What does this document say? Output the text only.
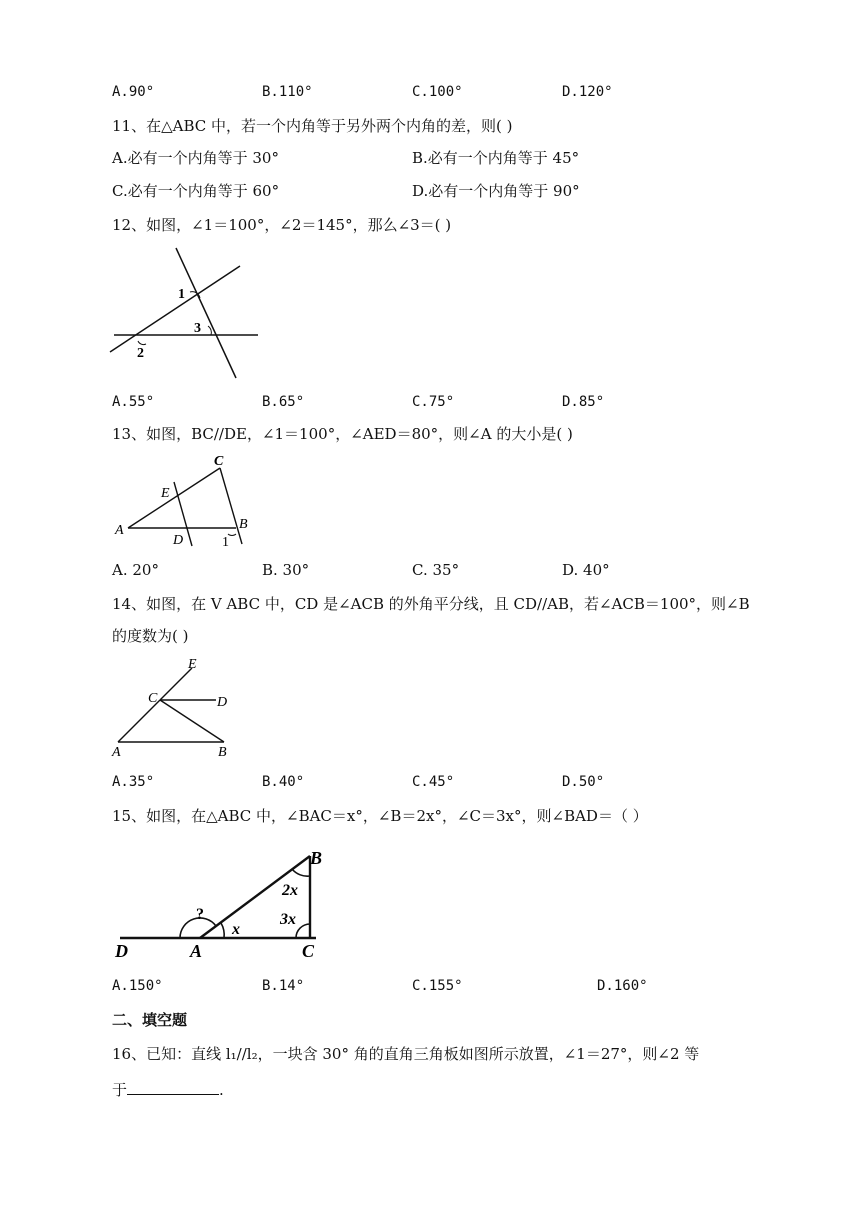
A.90°	B.110°	C.100°	D.120°
11、在△ABC 中，若一个内角等于另外两个内角的差，则( )
A.必有一个内角等于 30°	B.必有一个内角等于 45°
C.必有一个内角等于 60°	D.必有一个内角等于 90°
12、如图，∠1＝100°，∠2＝145°，那么∠3＝( )
1
2
3
A.55°	B.65°	C.75°	D.85°
13、如图，BC//DE，∠1＝100°，∠AED＝80°，则∠A 的大小是( )
C
E
A
D	1
B
A. 20°	B. 30°	C. 35°	D. 40°
14、如图，在 V ABC 中，CD 是∠ACB 的外角平分线，且 CD//AB，若∠ACB＝100°，则∠B
的度数为( )
E
C	D
A	B
A.35°	B.40°	C.45°	D.50°
15、如图，在△ABC 中，∠BAC＝x°，∠B＝2x°，∠C＝3x°，则∠BAD＝（ ）
B
2x
?	3x
x
D	A	C
A.150°	B.14°	C.155°	D.160°
二、填空题
16、已知：直线 l₁//l₂，一块含 30° 角的直角三角板如图所示放置，∠1＝27°，则∠2 等
于	.
